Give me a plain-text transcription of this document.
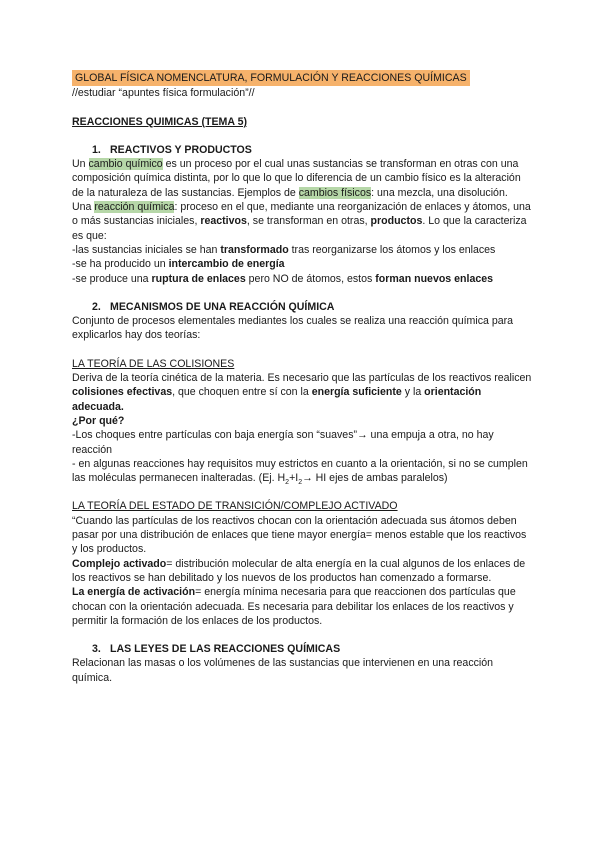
GLOBAL FÍSICA NOMENCLATURA, FORMULACIÓN Y REACCIONES QUÍMICAS

//estudiar “apuntes física formulación”//

REACCIONES QUIMICAS (TEMA 5)

1. REACTIVOS Y PRODUCTOS

Un cambio químico es un proceso por el cual unas sustancias se transforman en otras con una composición química distinta, por lo que lo que lo diferencia de un cambio físico es la alteración de la naturaleza de las sustancias. Ejemplos de cambios físicos: una mezcla, una disolución.

Una reacción química: proceso en el que, mediante una reorganización de enlaces y átomos, una o más sustancias iniciales, reactivos, se transforman en otras, productos. Lo que la caracteriza es que:

-las sustancias iniciales se han transformado tras reorganizarse los átomos y los enlaces

-se ha producido un intercambio de energía

-se produce una ruptura de enlaces pero NO de átomos, estos forman nuevos enlaces

2. MECANISMOS DE UNA REACCIÓN QUÍMICA

Conjunto de procesos elementales mediantes los cuales se realiza una reacción química para explicarlos hay dos teorías:

LA TEORÍA DE LAS COLISIONES

Deriva de la teoría cinética de la materia. Es necesario que las partículas de los reactivos realicen colisiones efectivas, que choquen entre sí con la energía suficiente y la orientación adecuada.

¿Por qué?

-Los choques entre partículas con baja energía son “suaves”→ una empuja a otra, no hay reacción

- en algunas reacciones hay requisitos muy estrictos en cuanto a la orientación, si no se cumplen las moléculas permanecen inalteradas. (Ej. $H_2+I_2\to$ HI ejes de ambas paralelos)

LA TEORÍA DEL ESTADO DE TRANSICIÓN/COMPLEJO ACTIVADO

“Cuando las partículas de los reactivos chocan con la orientación adecuada sus átomos deben pasar por una distribución de enlaces que tiene mayor energía= menos estable que los reactivos y los productos.

Complejo activado= distribución molecular de alta energía en la cual algunos de los enlaces de los reactivos se han debilitado y los nuevos de los productos han comenzado a formarse.

La energía de activación= energía mínima necesaria para que reaccionen dos partículas que chocan con la orientación adecuada. Es necesaria para debilitar los enlaces de los reactivos y permitir la formación de los enlaces de los productos.

3. LAS LEYES DE LAS REACCIONES QUÍMICAS

Relacionan las masas o los volúmenes de las sustancias que intervienen en una reacción química.
